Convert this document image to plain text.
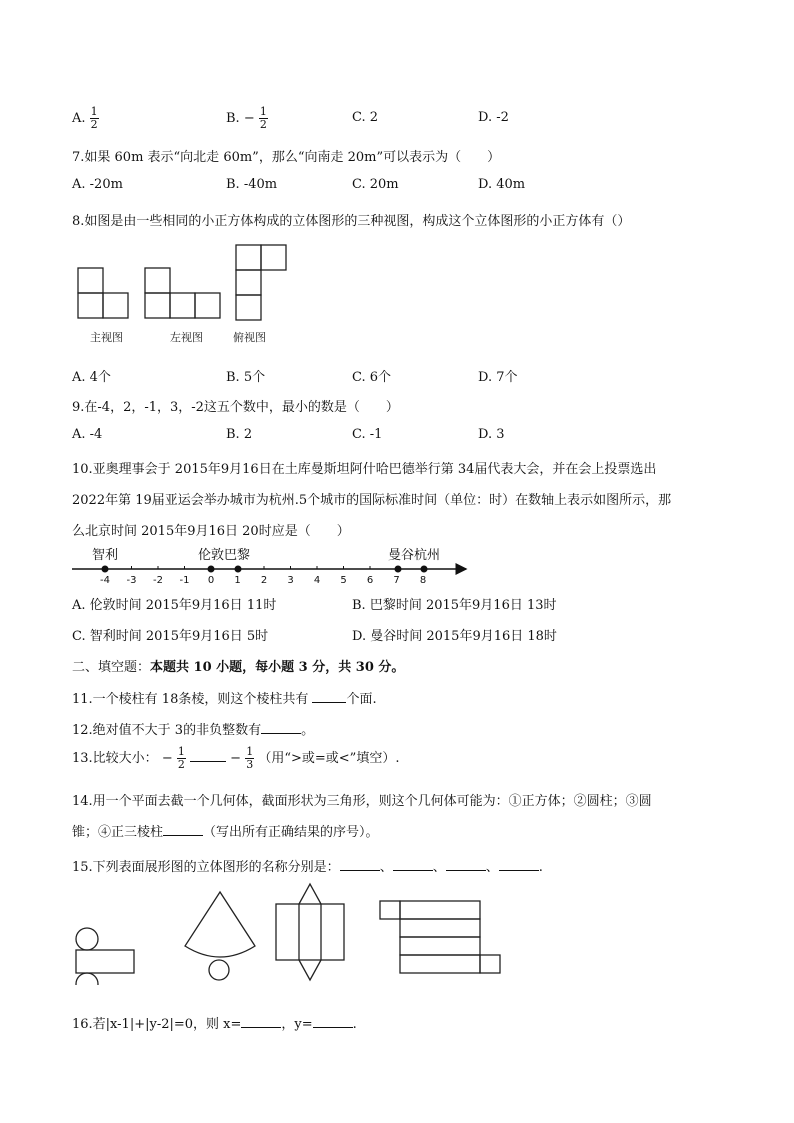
A. $\frac{1}{2}$	B. − $\frac{1}{2}$	C. 2	D. -2
7.如果 60m 表示“向北走 60m”，那么“向南走 20m”可以表示为（　　）
A. -20m	B. -40m	C. 20m	D. 40m
8.如图是由一些相同的小正方体构成的立体图形的三种视图，构成这个立体图形的小正方体有（）
主视图	左视图	俯视图
A. 4个	B. 5个	C. 6个	D. 7个
9.在-4，2，-1，3，-2这五个数中，最小的数是（　　）
A. -4	B. 2	C. -1	D. 3
10.亚奥理事会于 2015年9月16日在土库曼斯坦阿什哈巴德举行第 34届代表大会，并在会上投票选出
2022年第 19届亚运会举办城市为杭州.5个城市的国际标准时间（单位：时）在数轴上表示如图所示，那
么北京时间 2015年9月16日 20时应是（　　）
-4 -3 -2 -1 0 1 2 3 4 5 6 7 8
智利	伦敦巴黎	曼谷杭州
A. 伦敦时间 2015年9月16日 11时	B. 巴黎时间 2015年9月16日 13时
C. 智利时间 2015年9月16日 5时	D. 曼谷时间 2015年9月16日 18时
二、填空题：本题共 10 小题，每小题 3 分，共 30 分。
11.一个棱柱有 18条棱，则这个棱柱共有	个面.
12.绝对值不大于 3的非负整数有	。
13.比较大小： − $\frac{1}{2}$	− $\frac{1}{3}$ （用“>或=或<”填空）.
14.用一个平面去截一个几何体，截面形状为三角形，则这个几何体可能为：①正方体；②圆柱；③圆
锥；④正三棱柱	（写出所有正确结果的序号）。
15.下列表面展形图的立体图形的名称分别是：	、	、	、	.
16.若|x-1|+|y-2|=0，则 x=	，y=	.
